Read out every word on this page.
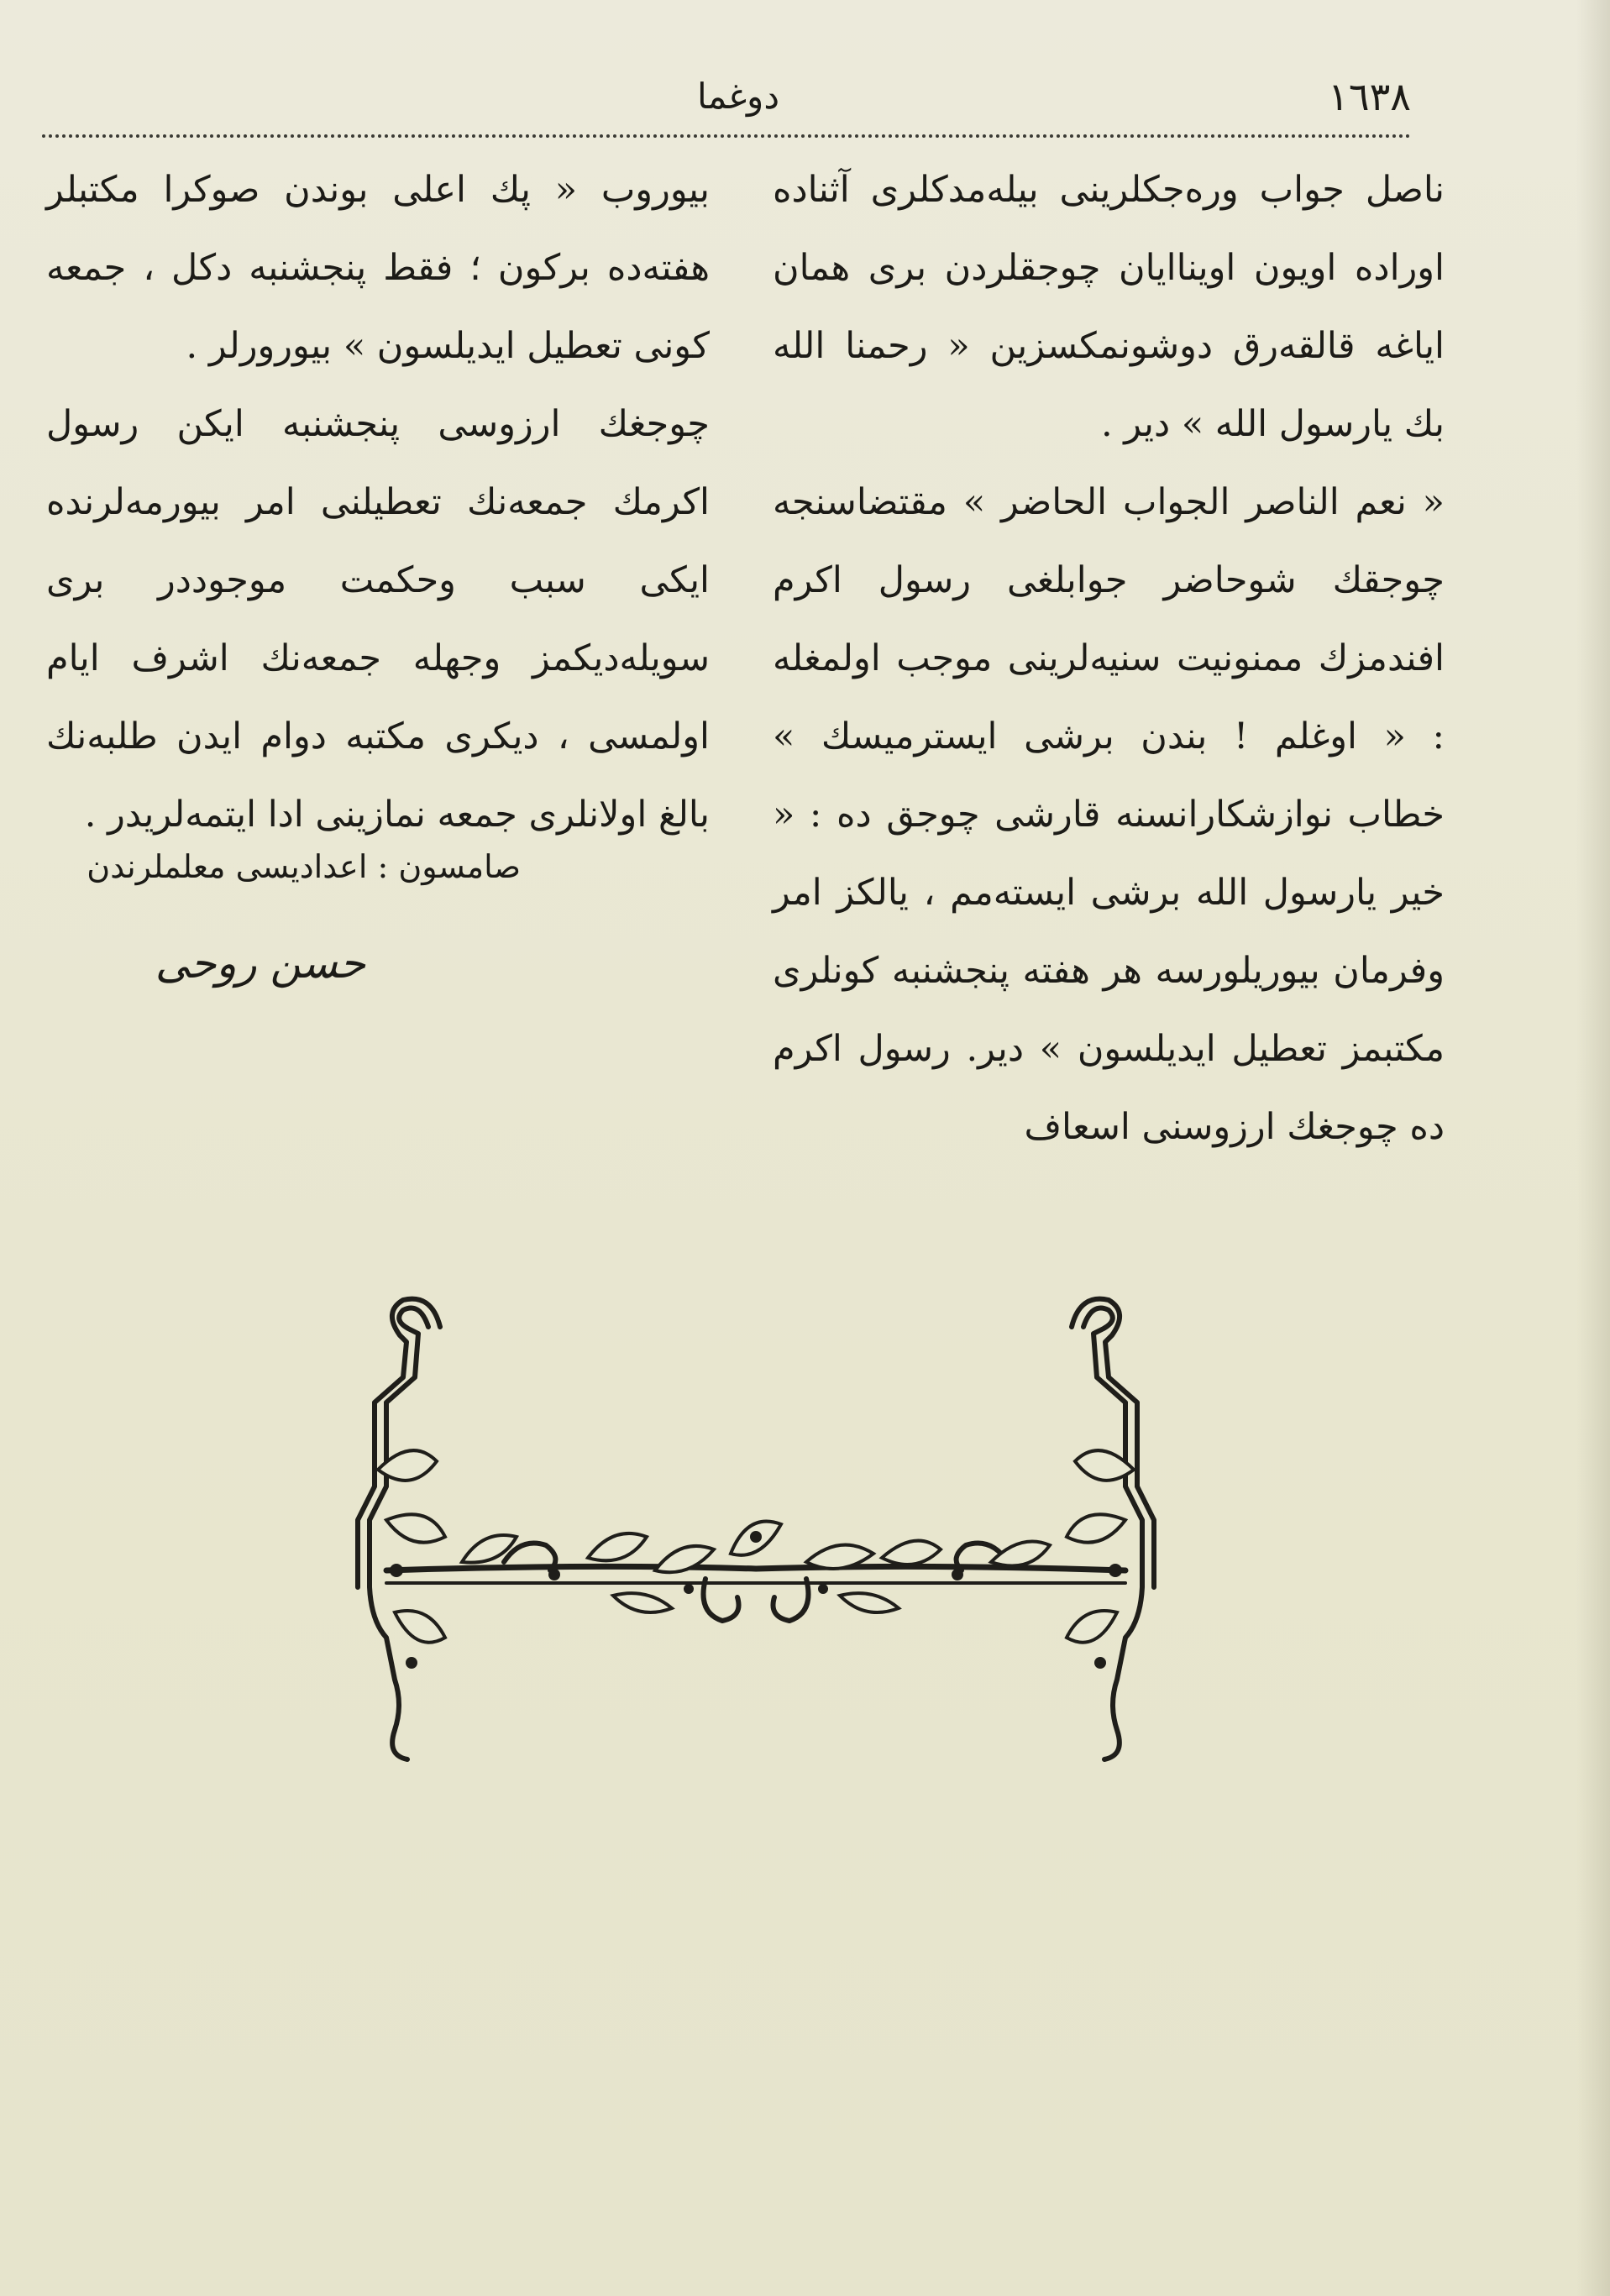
دوغما	١٦٣٨

ناصل جواب ورەجكلرینی بیلەمدكلری آثنادە اورادە اویون اویناایان چوجقلردن بری همان ایاغە قالقەرق دوشونمكسزین « رحمنا الله بك یارسول الله » دیر .

« نعم الناصر الجواب الحاضر » مقتضاسنجە چوجقك شوحاضر جوابلغی رسول اكرم افندمزك ممنونیت سنیەلرینی موجب اولمغلە : « اوغلم ! بندن برشی ایسترمیسك » خطاب نوازشكارانسنە قارشی چوجق دە : « خیر یارسول الله برشی ایستەمم ، یالكز امر وفرمان بیوریلورسە هر هفتە پنجشنبە كونلری مكتبمز تعطیل ایدیلسون » دیر. رسول اكرم دە چوجغك ارزوسنی اسعاف

بیوروب « پك اعلی بوندن صوكرا مكتبلر هفتەدە بركون ؛ فقط پنجشنبە دكل ، جمعە كونی تعطیل ایدیلسون » بیورورلر .

چوجغك ارزوسی پنجشنبە ایكن رسول اكرمك جمعەنك تعطیلنی امر بیورمەلرندە ایكی سبب وحكمت موجوددر بری سویلەدیكمز وجهلە جمعەنك اشرف ایام اولمسی ، دیكری مكتبە دوام ایدن طلبەنك بالغ اولانلری جمعە نمازینی ادا ایتمەلریدر .

صامسون : اعدادیسی معلملرندن
حسن روحی
